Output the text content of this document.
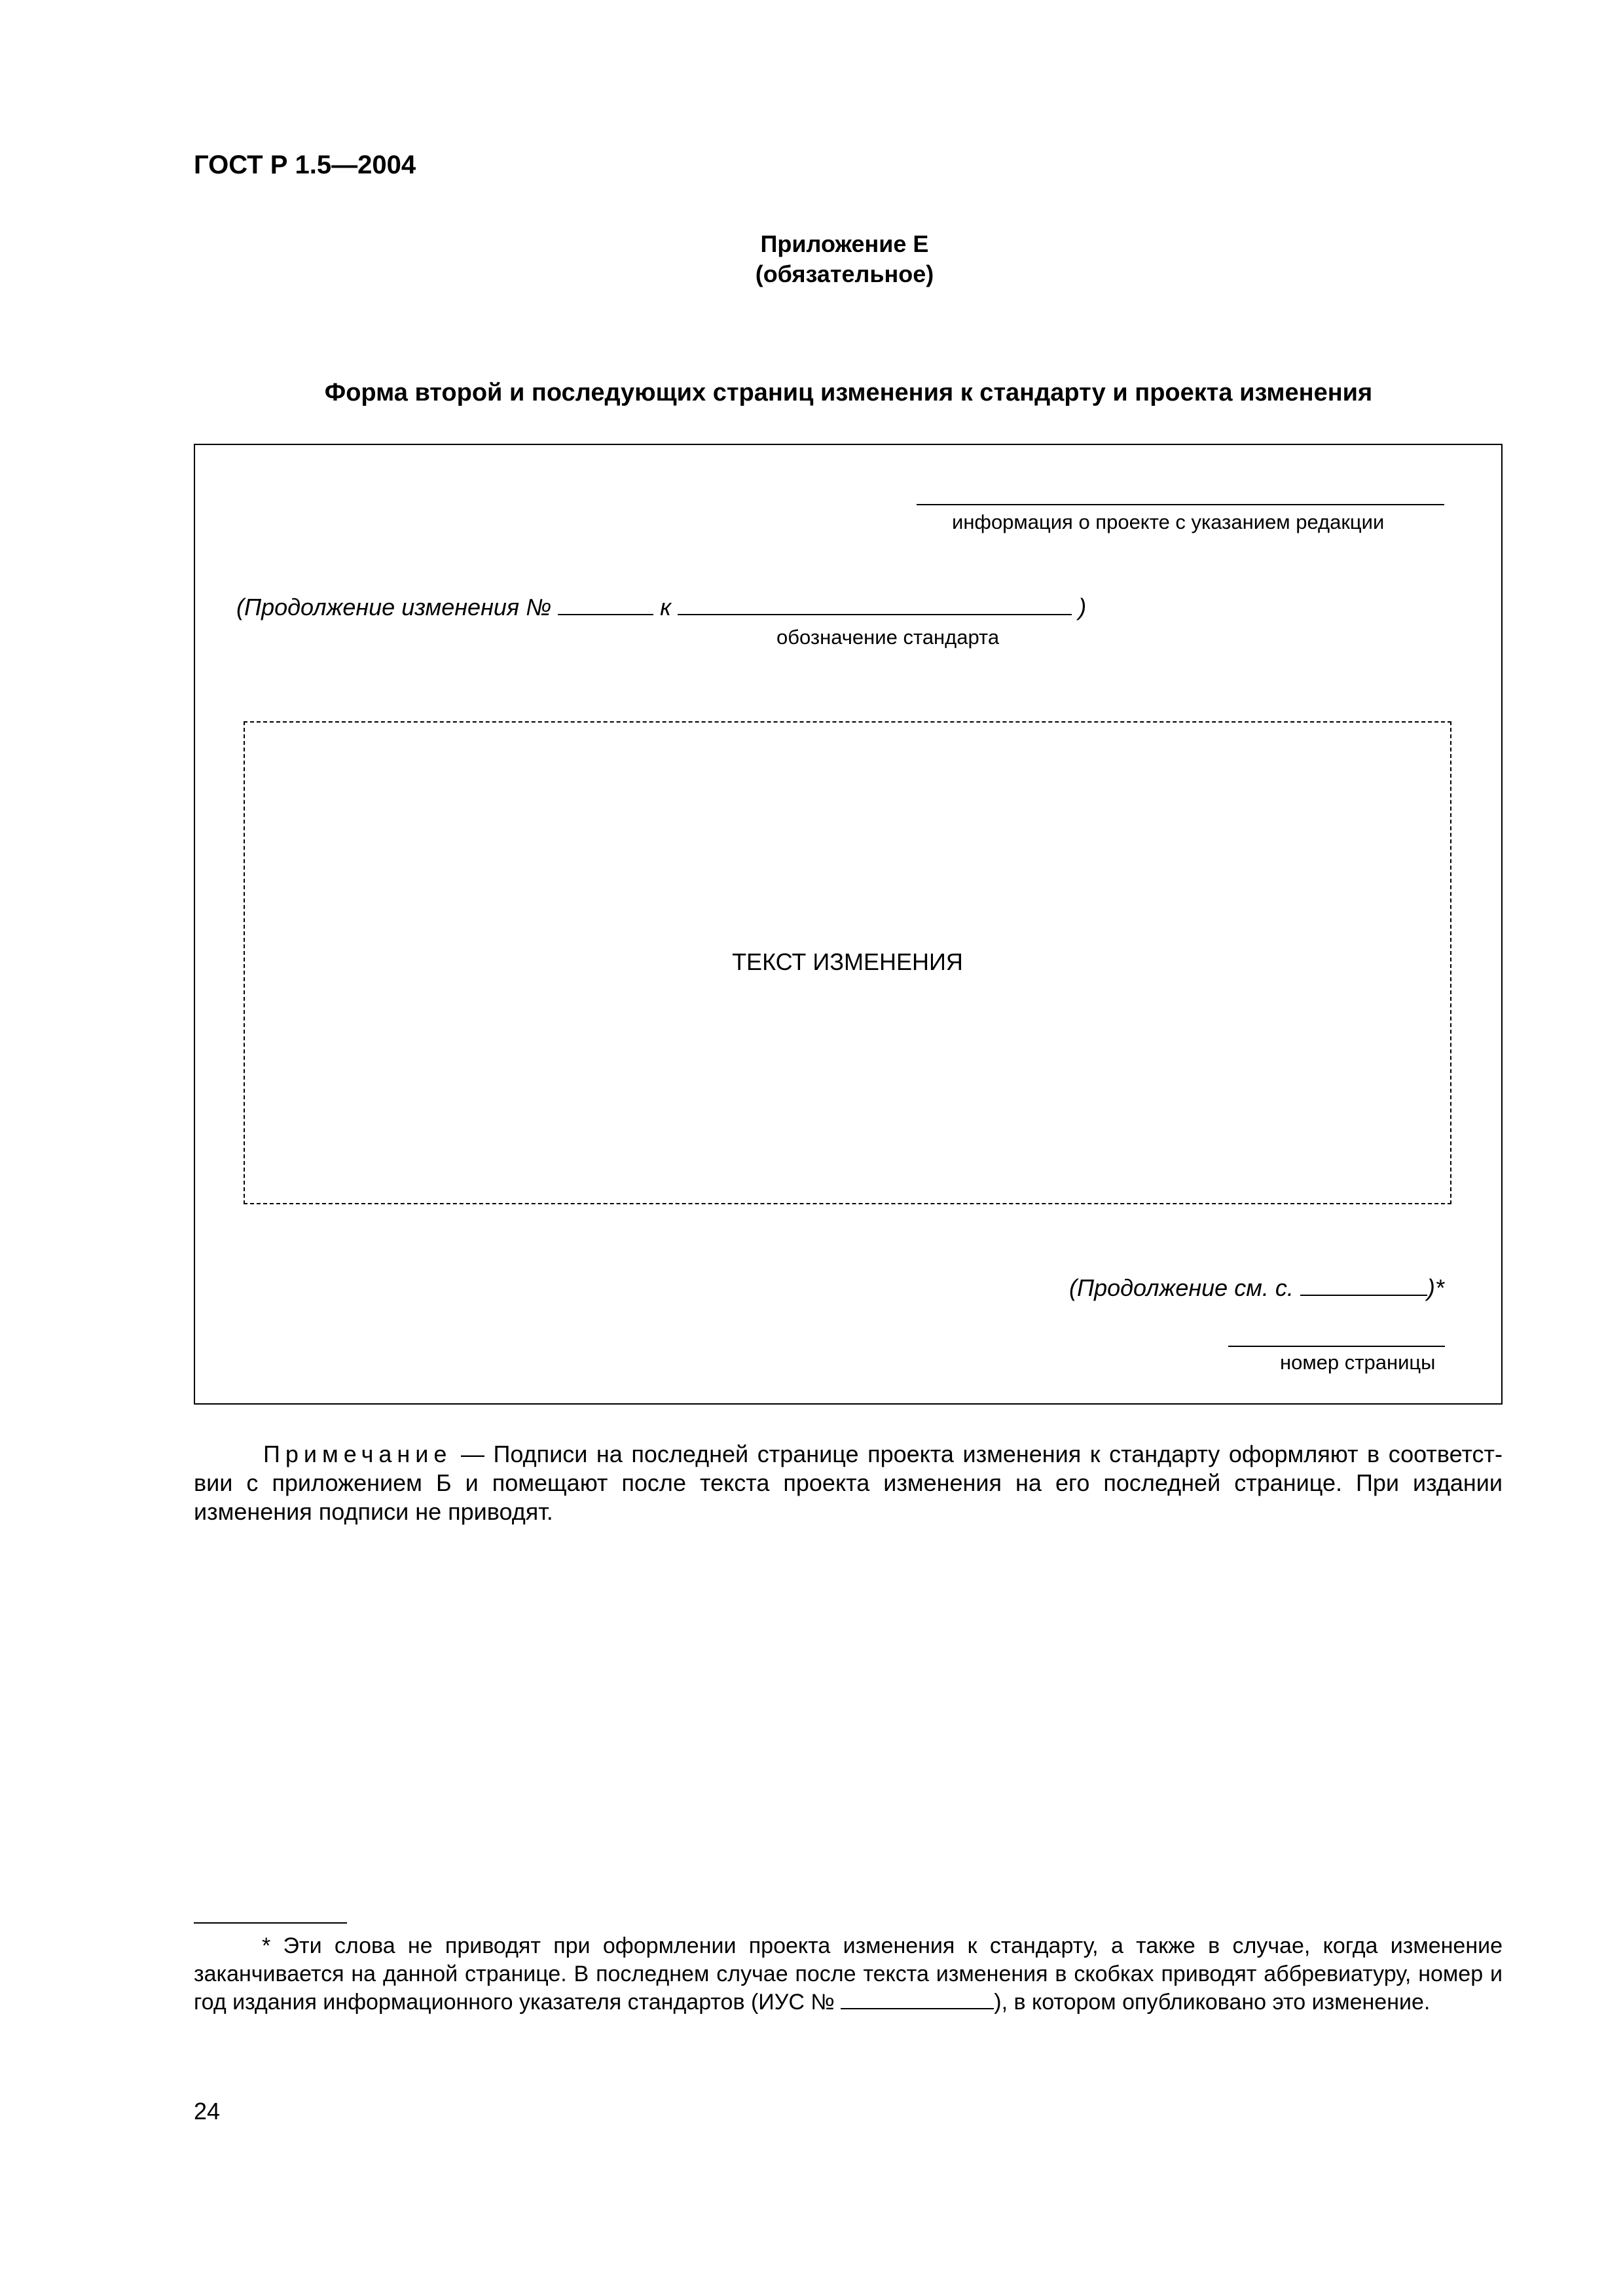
ГОСТ Р 1.5—2004
Приложение Е
(обязательное)
Форма второй и последующих страниц изменения к стандарту и проекта изменения
информация о проекте с указанием редакции
(Продолжение изменения №	к	)
обозначение стандарта
ТЕКСТ ИЗМЕНЕНИЯ
(Продолжение см. с.	)*
номер страницы
Примечание — Подписи на последней странице проекта изменения к стандарту оформляют в соответст-вии с приложением Б и помещают после текста проекта изменения на его последней странице. При издании изменения подписи не приводят.
* Эти слова не приводят при оформлении проекта изменения к стандарту, а также в случае, когда изменение заканчивается на данной странице. В последнем случае после текста изменения в скобках приводят аббревиатуру, номер и год издания информационного указателя стандартов (ИУС №	), в котором опубликовано это изменение.
24
